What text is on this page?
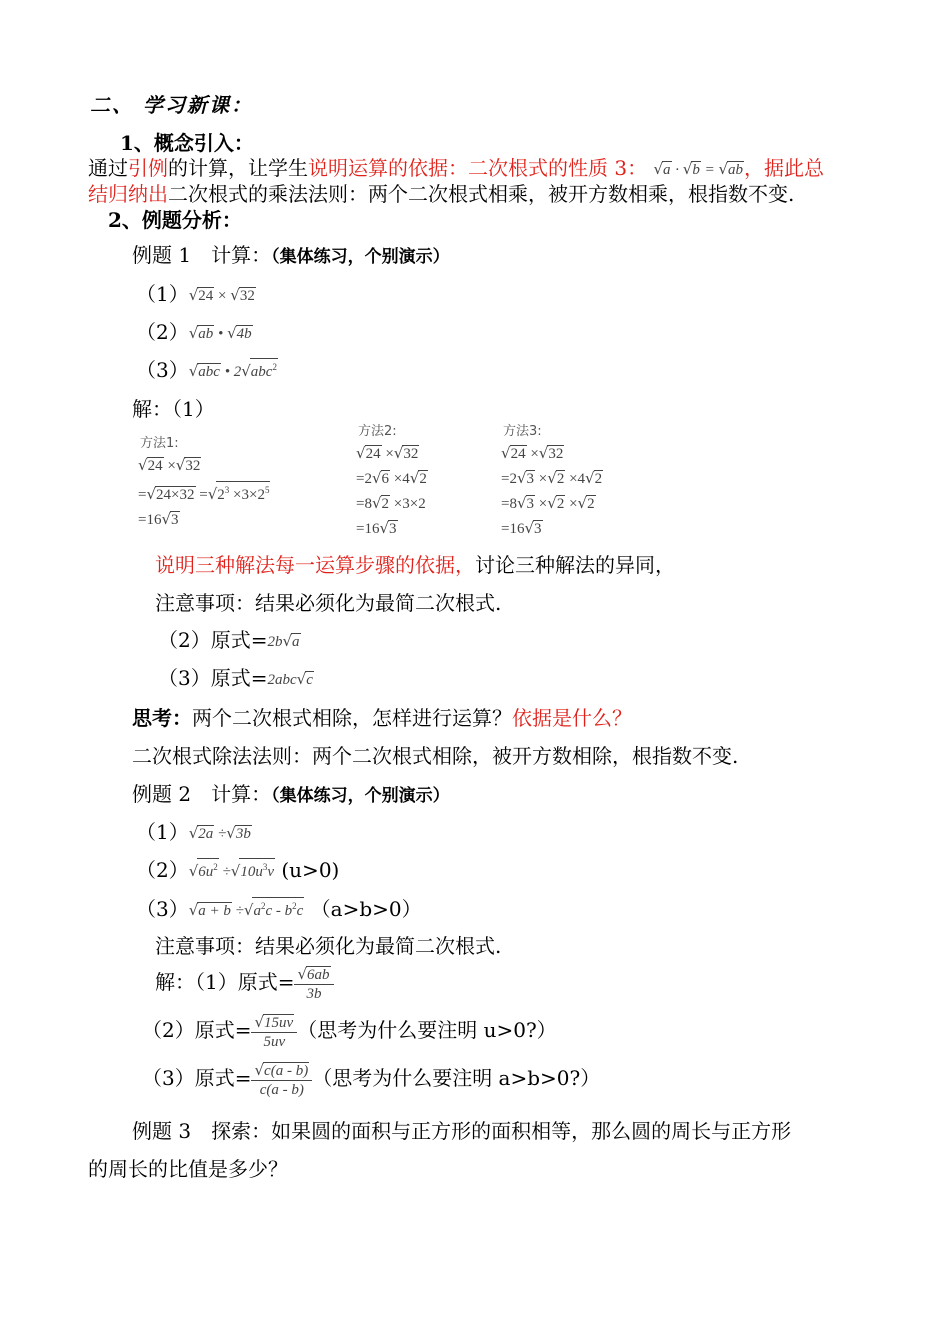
二、 学习新课：
1、概念引入：
通过引例的计算，让学生说明运算的依据：二次根式的性质 3： √a · √b = √ab，据此总
结归纳出二次根式的乘法法则：两个二次根式相乘，被开方数相乘，根指数不变.
2、例题分析：
例题 1　计算：（集体练习，个别演示）
（1）√24 × √32
（2）√ab • √4b
（3）√abc • 2√abc$^2$
解：（1）
方法1:
√24 ×√32
$=√24\times 32 =√2^3 \times 3\times 2^5$
=16√3
方法2:
√24 ×√32
=2√6 ×4√2
=8√2 ×3×2
=16√3
方法3:
√24 ×√32
=2√3 ×√2 ×4√2
=8√3 ×√2 ×√2
=16√3
说明三种解法每一运算步骤的依据，讨论三种解法的异同，
注意事项：结果必须化为最简二次根式.
（2）原式=2b√a
（3）原式=2abc√c
思考：两个二次根式相除，怎样进行运算？依据是什么？
二次根式除法法则：两个二次根式相除，被开方数相除，根指数不变.
例题 2　计算：（集体练习，个别演示）
（1）√2a ÷√3b
$(2)√6u^2 \div√10u^3v$ (u>0)
$(3)√a + b \div√a^2c - b^2c$ （a>b>0）
注意事项：结果必须化为最简二次根式.
解：（1）原式= $\frac{√6ab}{3b}$
（2）原式= $\frac{√15uv}{5uv}$ （思考为什么要注明 u>0?）
（3）原式= $\frac{√c(a - b)}{c(a - b)}$ （思考为什么要注明 a>b>0?）
例题 3　探索：如果圆的面积与正方形的面积相等，那么圆的周长与正方形
的周长的比值是多少？
